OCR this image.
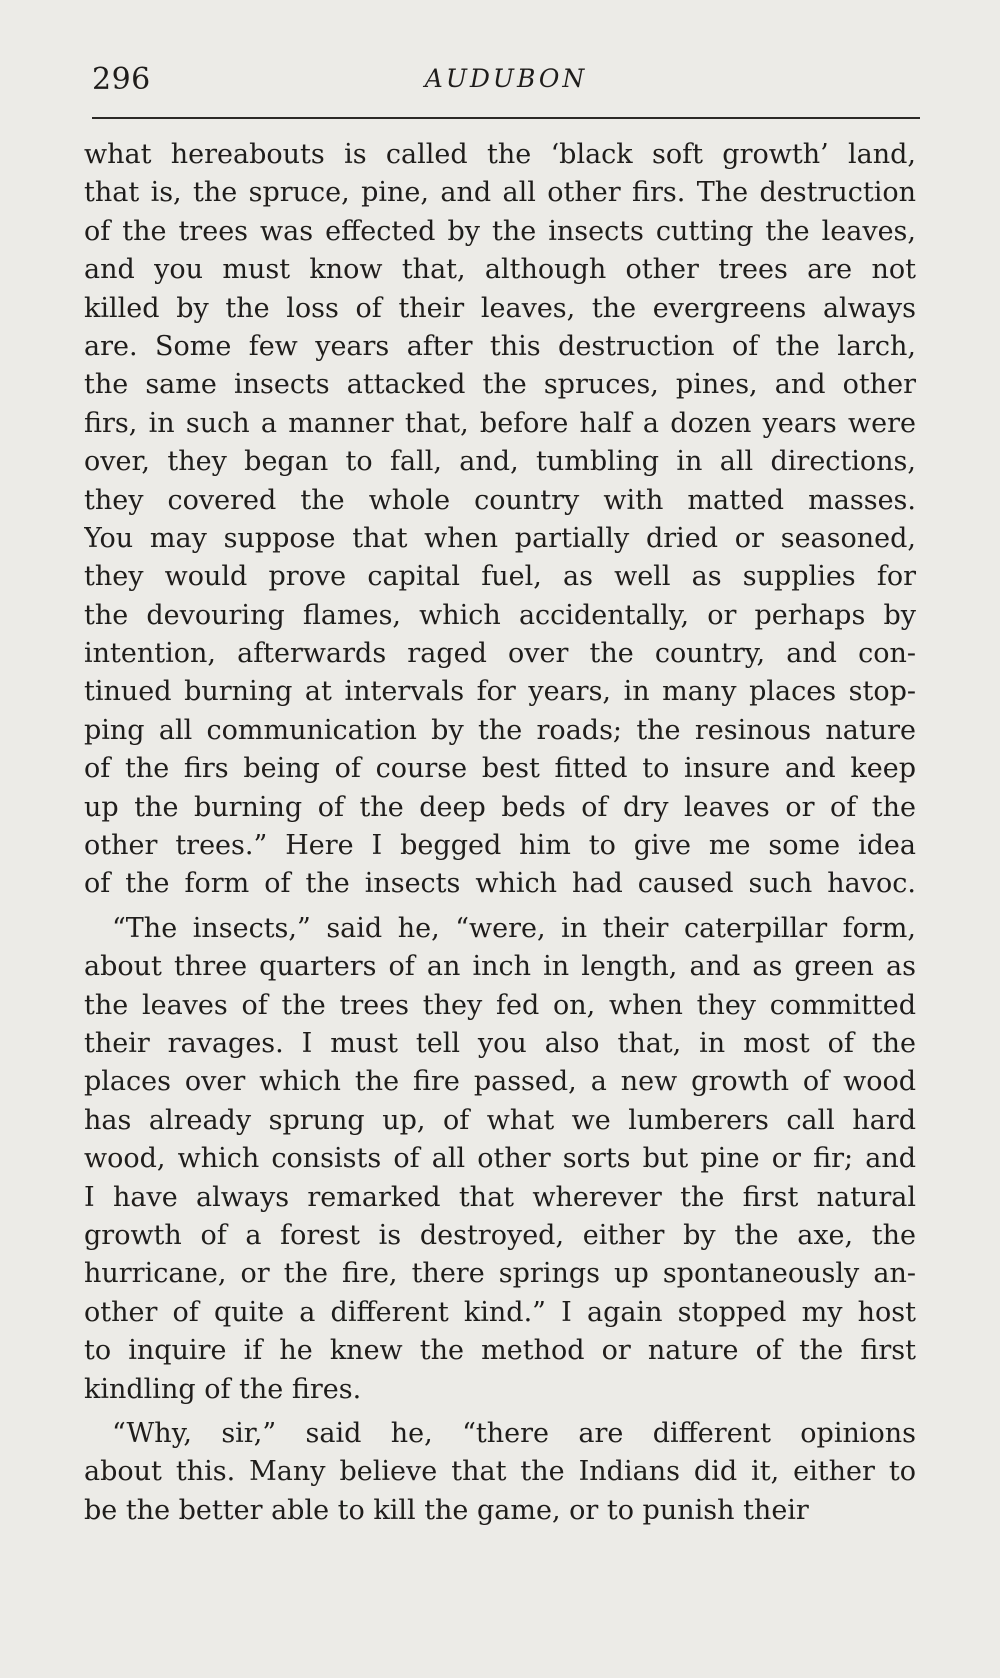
296	AUDUBON
what hereabouts is called the ‘black soft growth’ land,
that is, the spruce, pine, and all other firs. The destruction
of the trees was effected by the insects cutting the leaves,
and you must know that, although other trees are not
killed by the loss of their leaves, the evergreens always
are. Some few years after this destruction of the larch,
the same insects attacked the spruces, pines, and other
firs, in such a manner that, before half a dozen years were
over, they began to fall, and, tumbling in all directions,
they covered the whole country with matted masses.
You may suppose that when partially dried or seasoned,
they would prove capital fuel, as well as supplies for
the devouring flames, which accidentally, or perhaps by
intention, afterwards raged over the country, and con-
tinued burning at intervals for years, in many places stop-
ping all communication by the roads; the resinous nature
of the firs being of course best fitted to insure and keep
up the burning of the deep beds of dry leaves or of the
other trees.” Here I begged him to give me some idea
of the form of the insects which had caused such havoc.
“The insects,” said he, “were, in their caterpillar form,
about three quarters of an inch in length, and as green as
the leaves of the trees they fed on, when they committed
their ravages. I must tell you also that, in most of the
places over which the fire passed, a new growth of wood
has already sprung up, of what we lumberers call hard
wood, which consists of all other sorts but pine or fir; and
I have always remarked that wherever the first natural
growth of a forest is destroyed, either by the axe, the
hurricane, or the fire, there springs up spontaneously an-
other of quite a different kind.” I again stopped my host
to inquire if he knew the method or nature of the first
kindling of the fires.
“Why, sir,” said he, “there are different opinions
about this. Many believe that the Indians did it, either to
be the better able to kill the game, or to punish their
